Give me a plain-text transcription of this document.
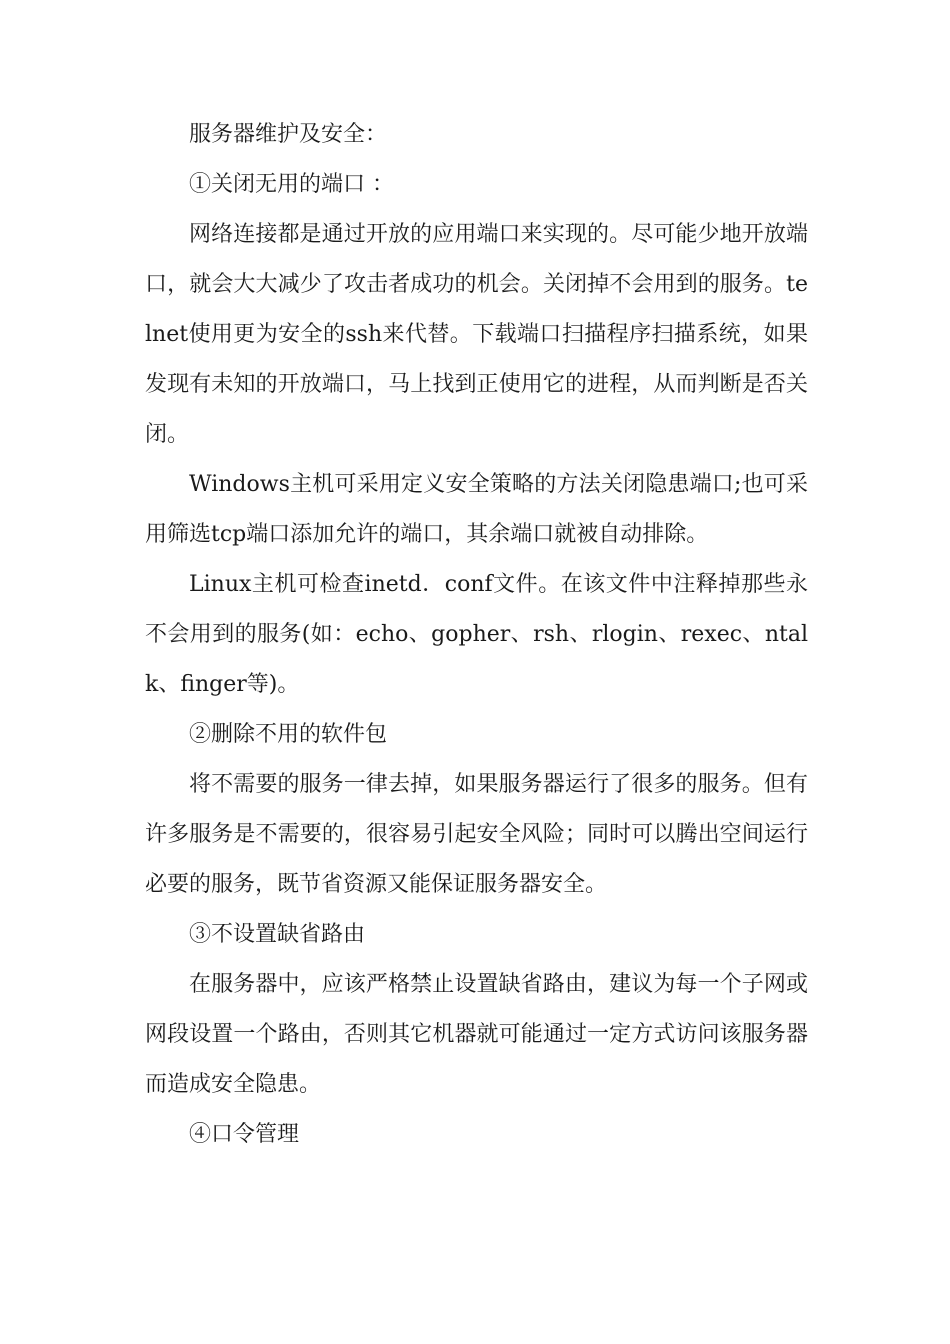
服务器维护及安全：

①关闭无用的端口 ：

网络连接都是通过开放的应用端口来实现的。尽可能少地开放端口，就会大大减少了攻击者成功的机会。关闭掉不会用到的服务。telnet使用更为安全的ssh来代替。下载端口扫描程序扫描系统，如果发现有未知的开放端口，马上找到正使用它的进程，从而判断是否关闭。

Windows主机可采用定义安全策略的方法关闭隐患端口;也可采用筛选tcp端口添加允许的端口，其余端口就被自动排除。

Linux主机可检查inetd．conf文件。在该文件中注释掉那些永不会用到的服务(如：echo、gopher、rsh、rlogin、rexec、ntalk、finger等)。

②删除不用的软件包

将不需要的服务一律去掉，如果服务器运行了很多的服务。但有许多服务是不需要的，很容易引起安全风险；同时可以腾出空间运行必要的服务，既节省资源又能保证服务器安全。

③不设置缺省路由

在服务器中，应该严格禁止设置缺省路由，建议为每一个子网或网段设置一个路由，否则其它机器就可能通过一定方式访问该服务器而造成安全隐患。

④口令管理
